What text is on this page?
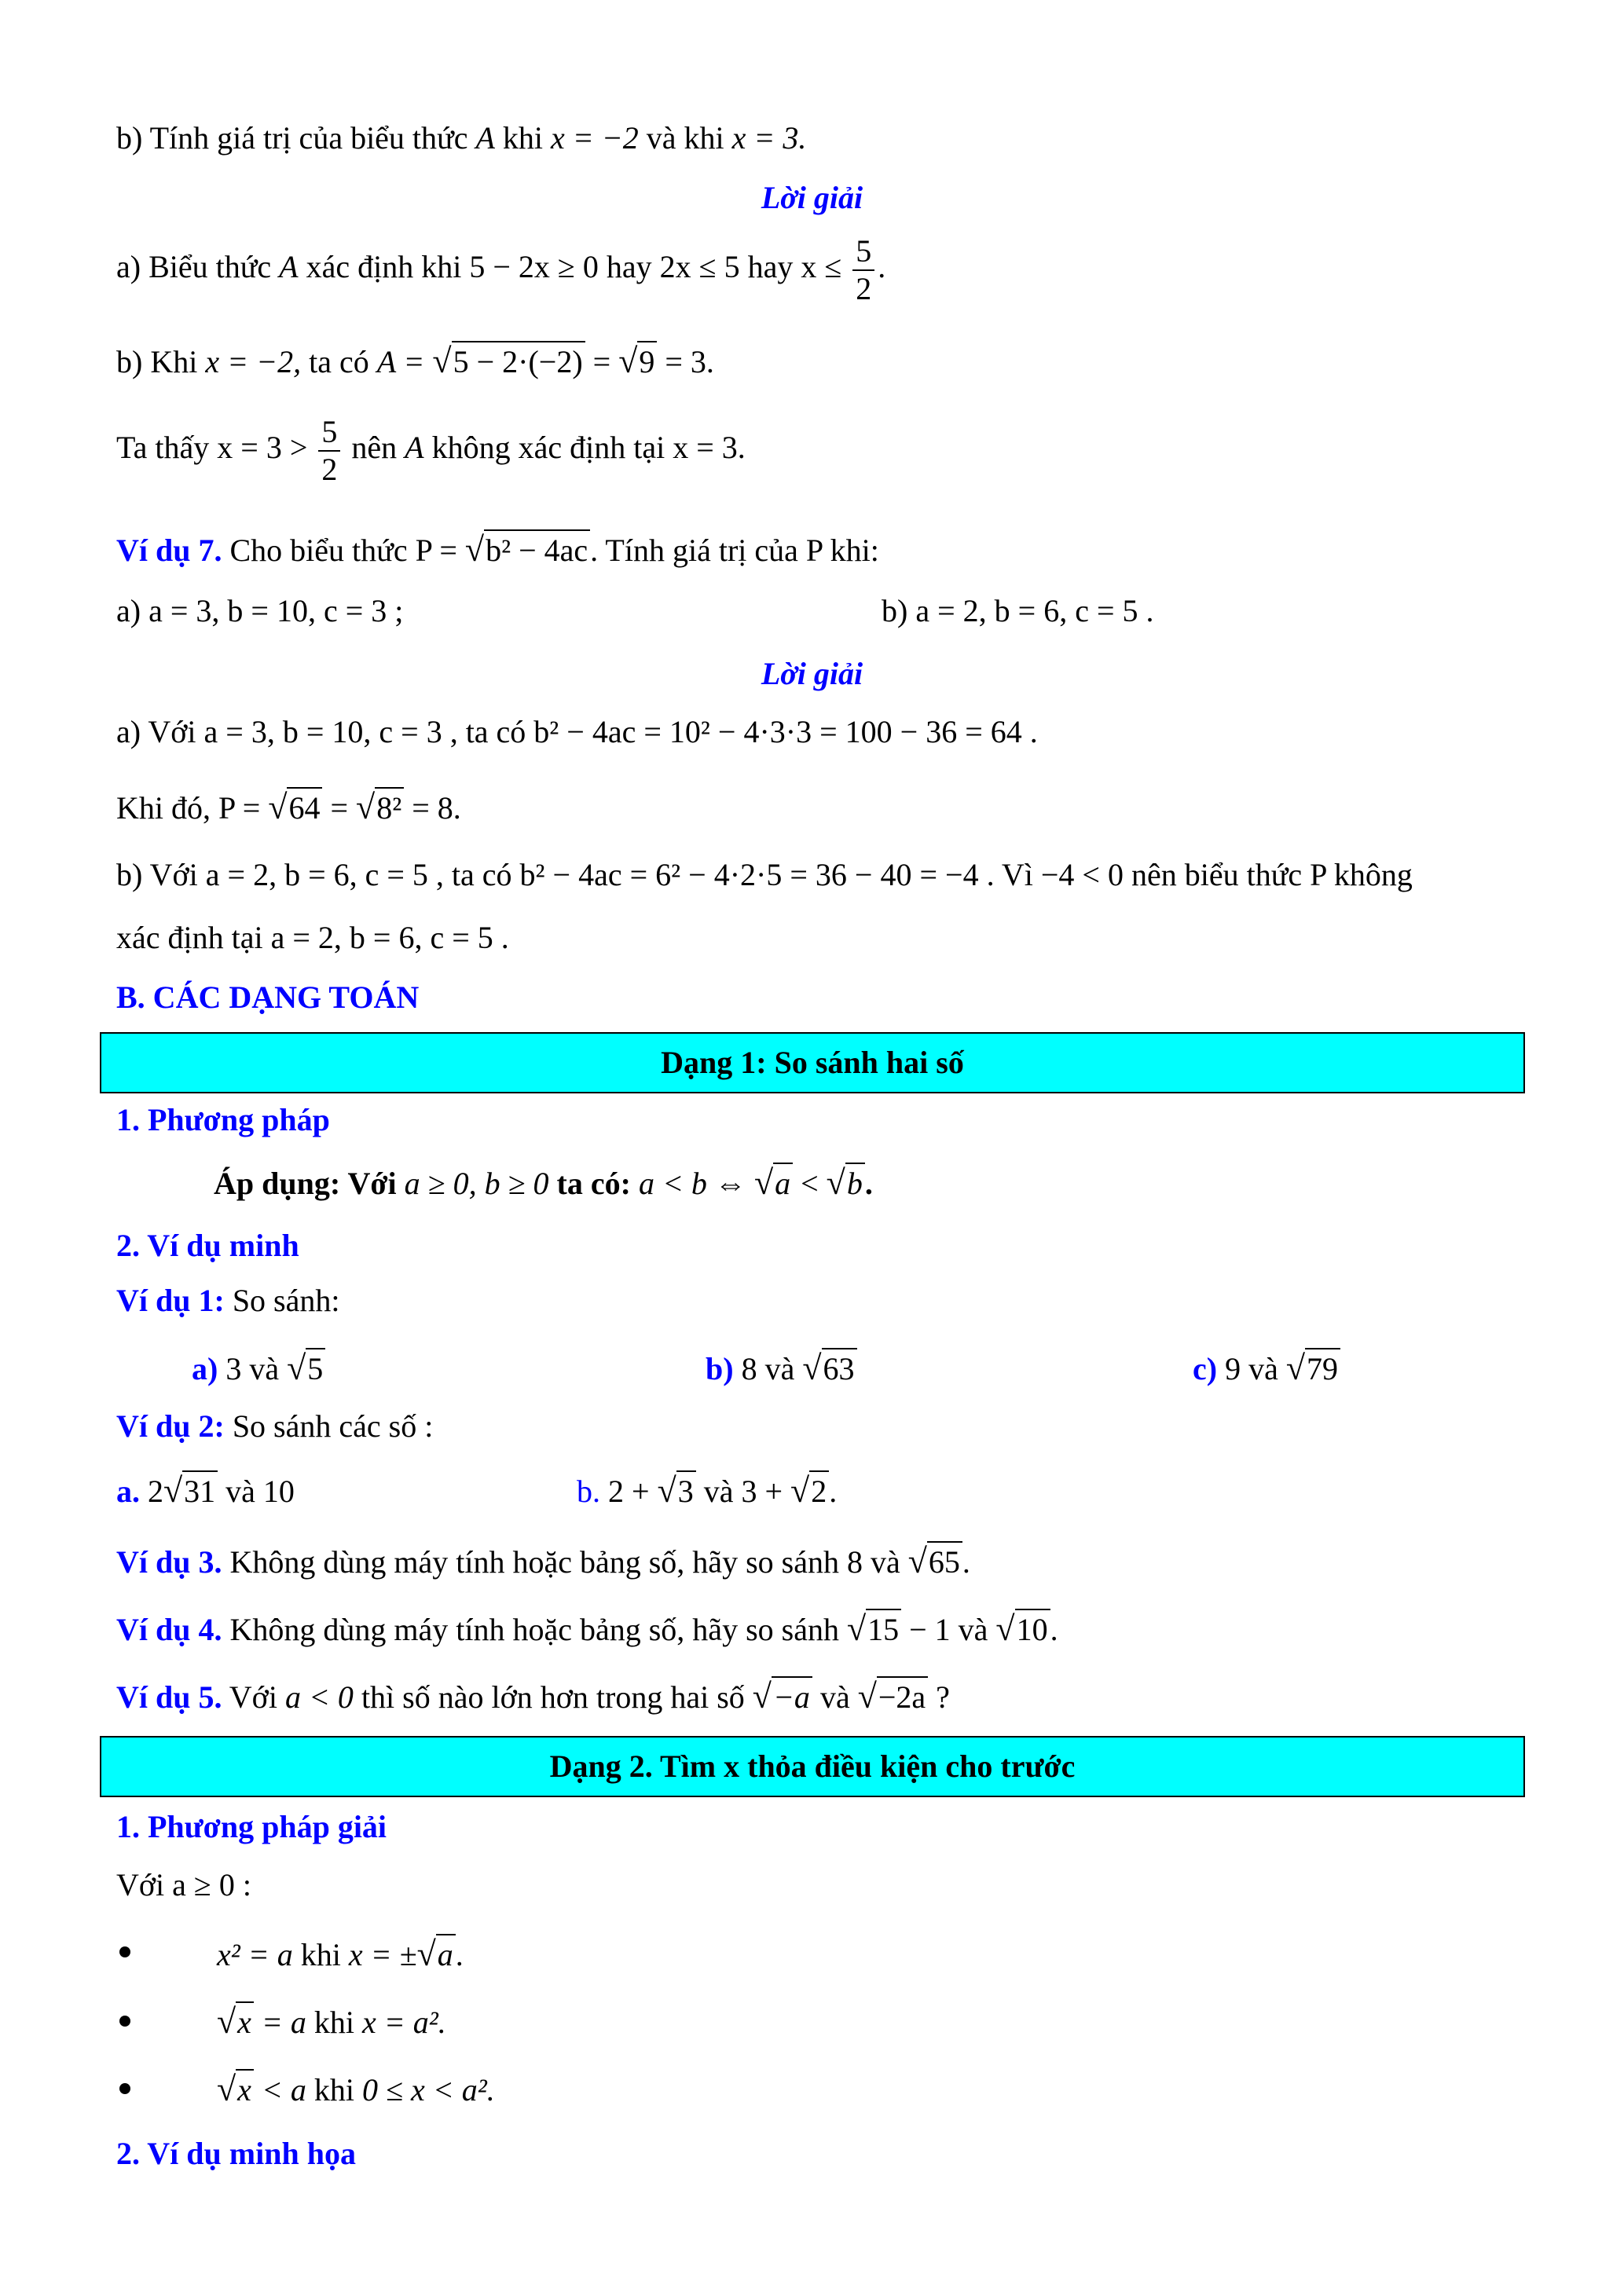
b) Tính giá trị của biểu thức A khi x = −2 và khi x = 3.
Lời giải
a) Biểu thức A xác định khi 5 − 2x ≥ 0 hay 2x ≤ 5 hay $x \le \frac{5}{2}$ .
b) Khi x = −2, ta có A = √5 − 2·(−2) = √9 = 3.
Ta thấy $x = 3 > \frac{5}{2}$ nên A không xác định tại x = 3.
Ví dụ 7. Cho biểu thức P = √b² − 4ac. Tính giá trị của P khi:
a) a = 3, b = 10, c = 3 ;	b) a = 2, b = 6, c = 5 .
Lời giải
a) Với a = 3, b = 10, c = 3 , ta có b² − 4ac = 10² − 4·3·3 = 100 − 36 = 64 .
Khi đó, P = √64 = √8² = 8.
b) Với a = 2, b = 6, c = 5 , ta có b² − 4ac = 6² − 4·2·5 = 36 − 40 = −4 . Vì −4 < 0 nên biểu thức P không
xác định tại a = 2, b = 6, c = 5 .
B. CÁC DẠNG TOÁN
Dạng 1: So sánh hai số
1. Phương pháp
Áp dụng: Với a ≥ 0, b ≥ 0 ta có: a < b ⇔ √a < √b.
2. Ví dụ minh
Ví dụ 1: So sánh:
a) 3 và √5	b) 8 và √63	c) 9 và √79
Ví dụ 2: So sánh các số :
a. 2√31 và 10	b. 2 + √3 và 3 + √2.
Ví dụ 3. Không dùng máy tính hoặc bảng số, hãy so sánh 8 và √65.
Ví dụ 4. Không dùng máy tính hoặc bảng số, hãy so sánh √15 − 1 và √10.
Ví dụ 5. Với a < 0 thì số nào lớn hơn trong hai số √−a và √−2a ?
Dạng 2. Tìm x thỏa điều kiện cho trước
1. Phương pháp giải
Với a ≥ 0 :
x² = a khi x = ±√a.
√x = a khi x = a².
√x < a khi 0 ≤ x < a².
2. Ví dụ minh họa
